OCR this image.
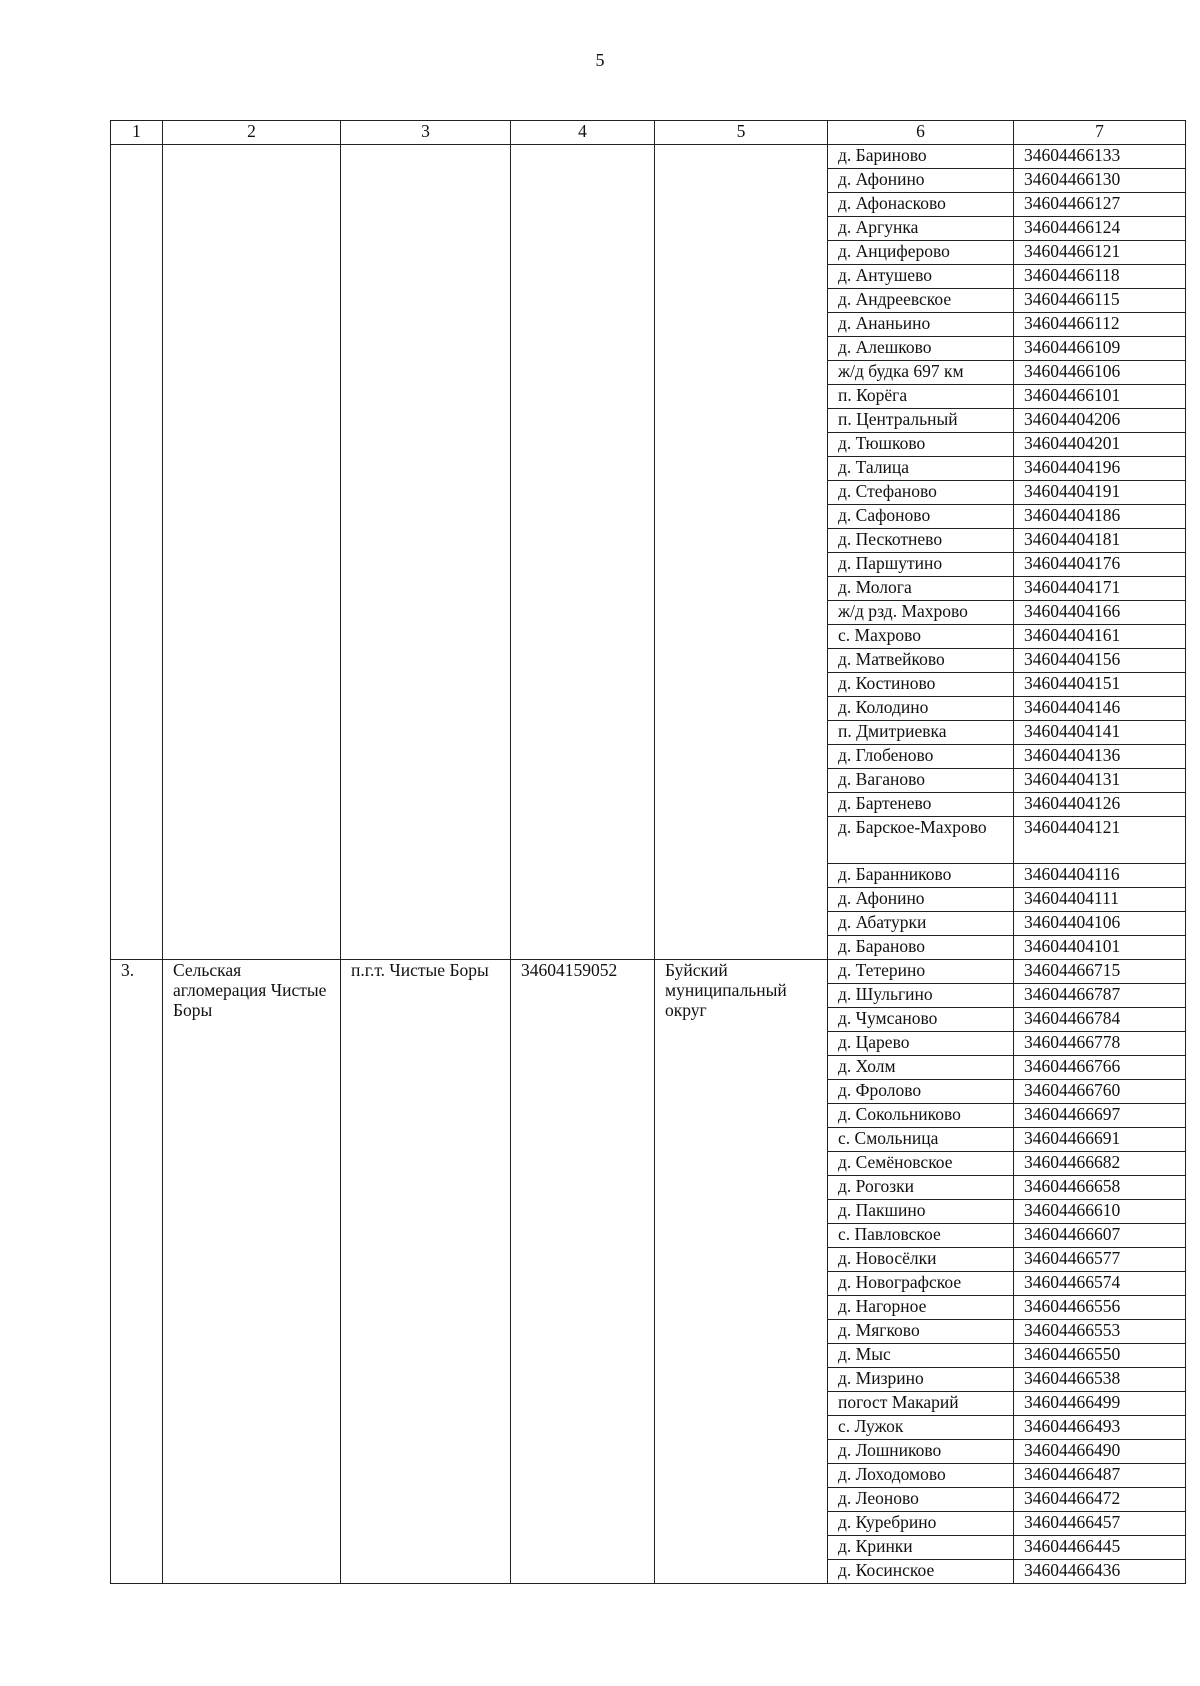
5
1	2	3	4	5	6	7
					д. Бариново	34604466133
					д. Афонино	34604466130
					д. Афонасково	34604466127
					д. Аргунка	34604466124
					д. Анциферово	34604466121
					д. Антушево	34604466118
					д. Андреевское	34604466115
					д. Ананьино	34604466112
					д. Алешково	34604466109
					ж/д будка 697 км	34604466106
					п. Корёга	34604466101
					п. Центральный	34604404206
					д. Тюшково	34604404201
					д. Талица	34604404196
					д. Стефаново	34604404191
					д. Сафоново	34604404186
					д. Пескотнево	34604404181
					д. Паршутино	34604404176
					д. Молога	34604404171
					ж/д рзд. Махрово	34604404166
					с. Махрово	34604404161
					д. Матвейково	34604404156
					д. Костиново	34604404151
					д. Колодино	34604404146
					п. Дмитриевка	34604404141
					д. Глобеново	34604404136
					д. Ваганово	34604404131
					д. Бартенево	34604404126
					д. Барское-Махрово	34604404121
					д. Баранниково	34604404116
					д. Афонино	34604404111
					д. Абатурки	34604404106
					д. Бараново	34604404101
3.	Сельская агломерация Чистые Боры	п.г.т. Чистые Боры	34604159052	Буйский муниципальный округ	д. Тетерино	34604466715
					д. Шульгино	34604466787
					д. Чумсаново	34604466784
					д. Царево	34604466778
					д. Холм	34604466766
					д. Фролово	34604466760
					д. Сокольниково	34604466697
					с. Смольница	34604466691
					д. Семёновское	34604466682
					д. Рогозки	34604466658
					д. Пакшино	34604466610
					с. Павловское	34604466607
					д. Новосёлки	34604466577
					д. Новографское	34604466574
					д. Нагорное	34604466556
					д. Мягково	34604466553
					д. Мыс	34604466550
					д. Мизрино	34604466538
					погост Макарий	34604466499
					с. Лужок	34604466493
					д. Лошниково	34604466490
					д. Лоходомово	34604466487
					д. Леоново	34604466472
					д. Куребрино	34604466457
					д. Кринки	34604466445
					д. Косинское	34604466436
